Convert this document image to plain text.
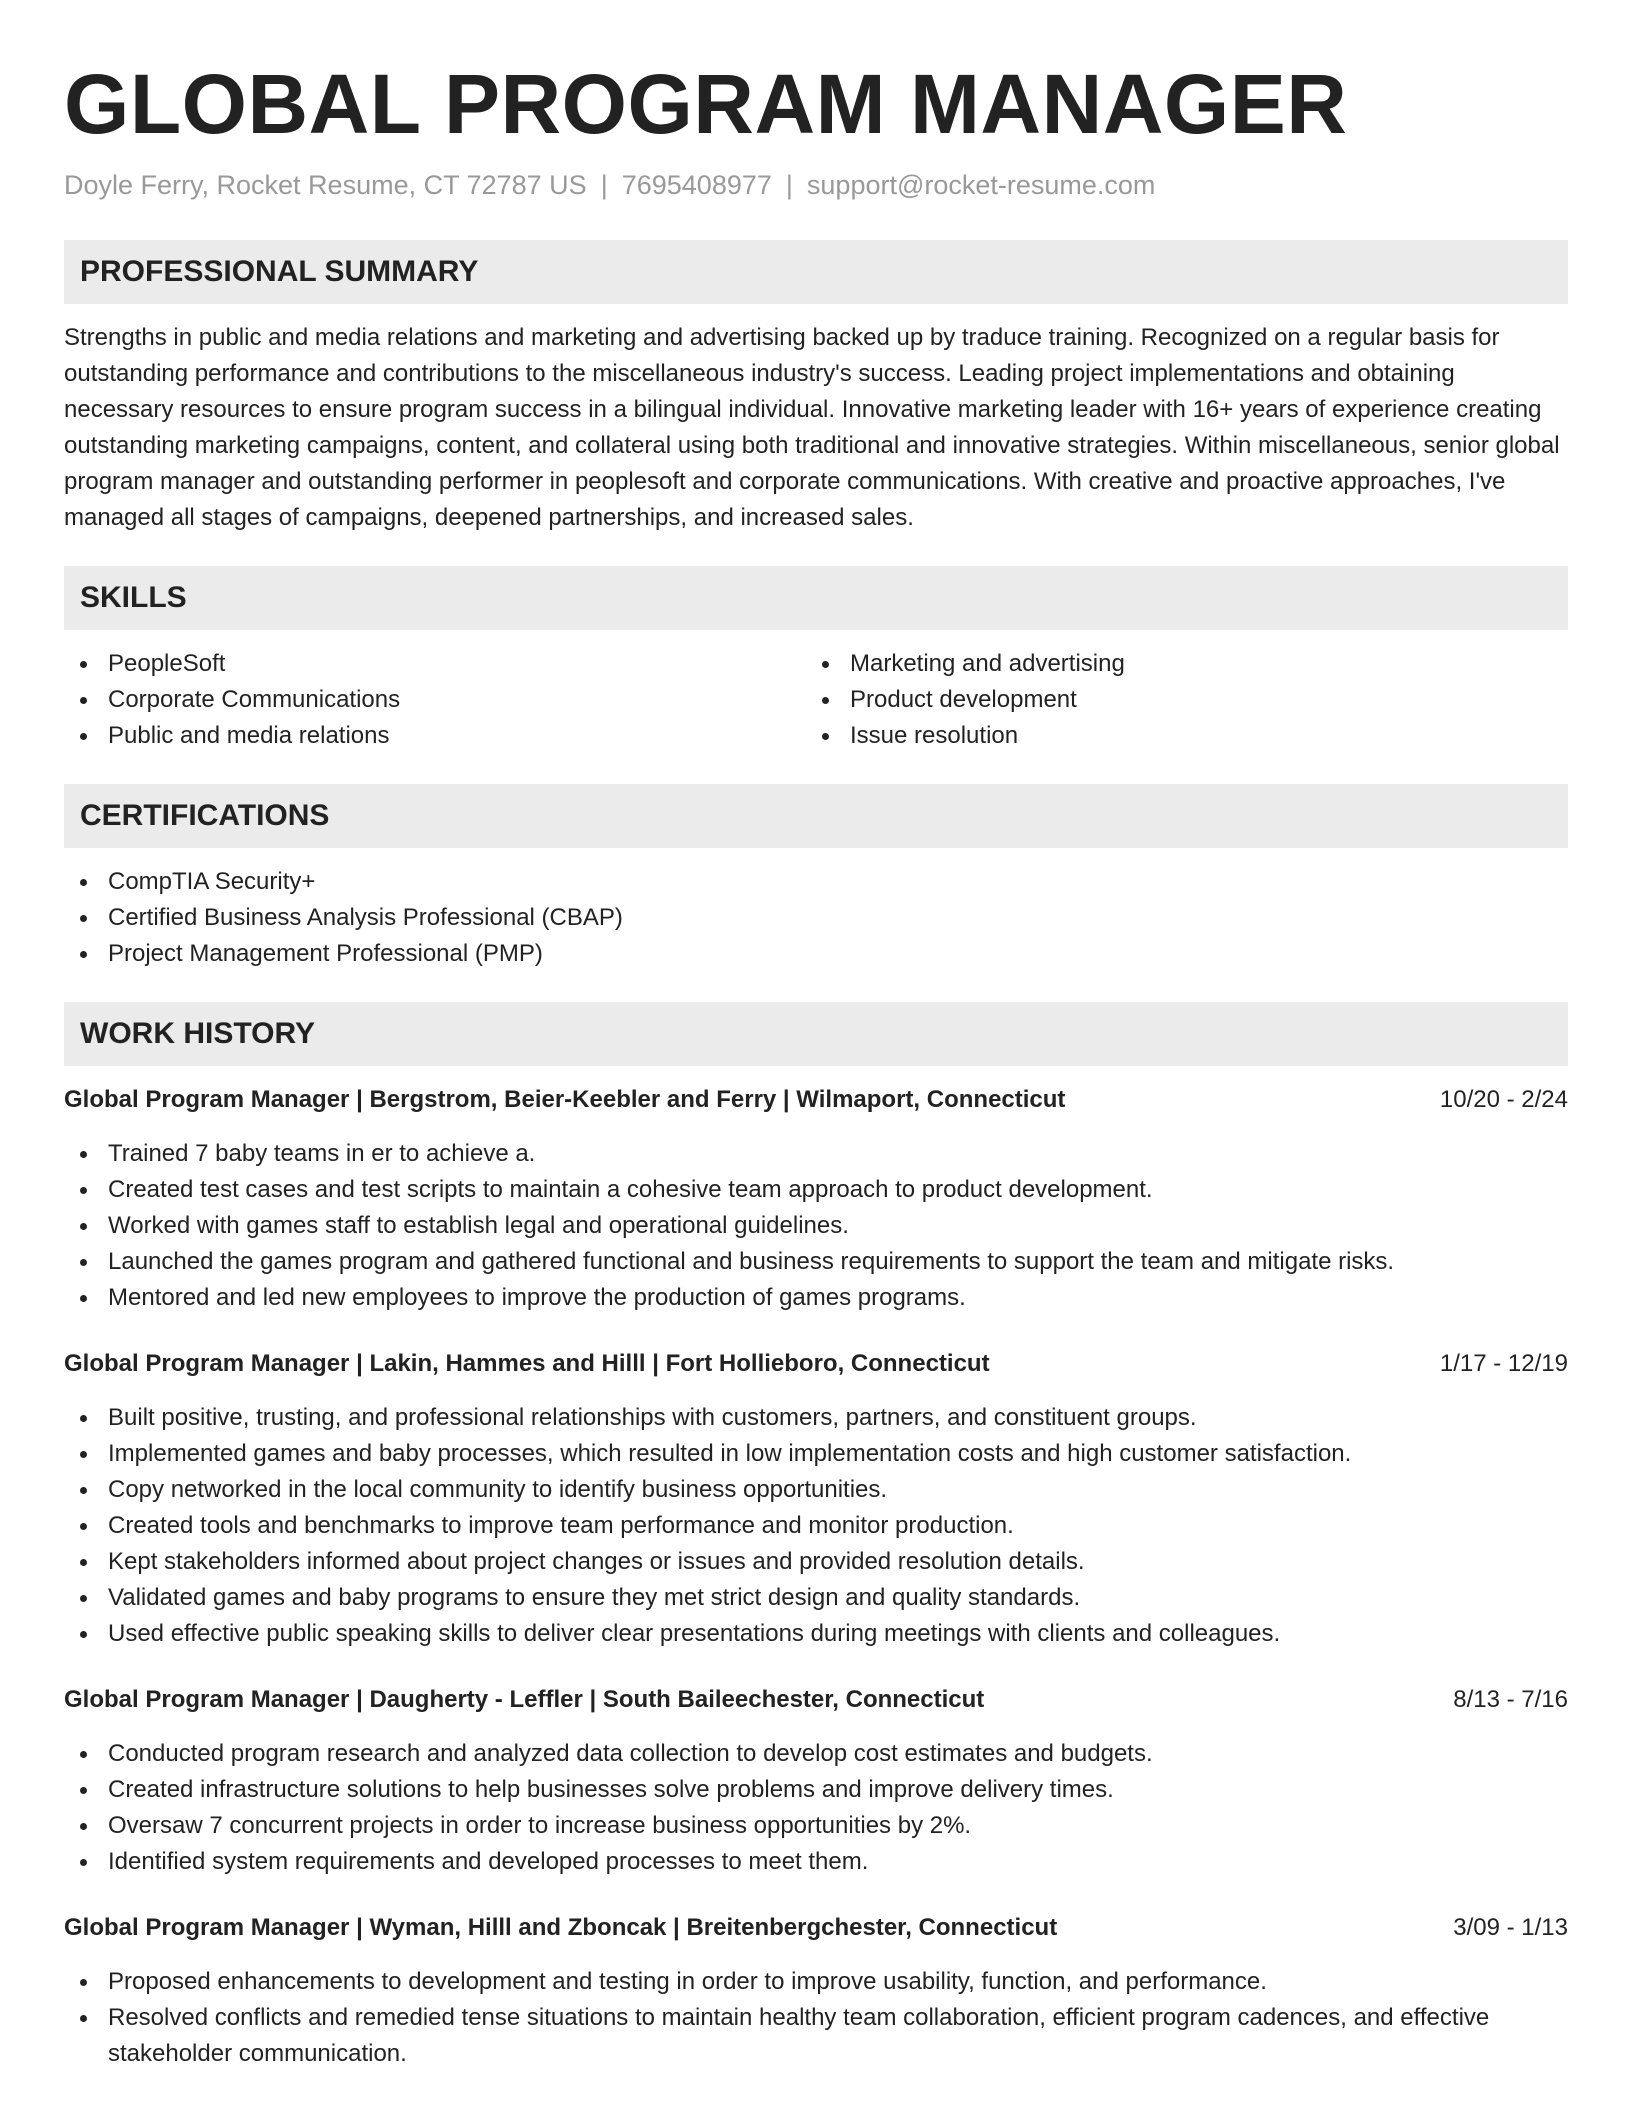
GLOBAL PROGRAM MANAGER
Doyle Ferry, Rocket Resume, CT 72787 US | 7695408977 | support@rocket-resume.com
PROFESSIONAL SUMMARY

Strengths in public and media relations and marketing and advertising backed up by traduce training. Recognized on a regular basis for outstanding performance and contributions to the miscellaneous industry's success. Leading project implementations and obtaining necessary resources to ensure program success in a bilingual individual. Innovative marketing leader with 16+ years of experience creating outstanding marketing campaigns, content, and collateral using both traditional and innovative strategies. Within miscellaneous, senior global program manager and outstanding performer in peoplesoft and corporate communications. With creative and proactive approaches, I've managed all stages of campaigns, deepened partnerships, and increased sales.

SKILLS
PeopleSoft
Corporate Communications
Public and media relations
Marketing and advertising
Product development
Issue resolution
CERTIFICATIONS
CompTIA Security+
Certified Business Analysis Professional (CBAP)
Project Management Professional (PMP)
WORK HISTORY
Global Program Manager | Bergstrom, Beier-Keebler and Ferry | Wilmaport, Connecticut	10/20 - 2/24
Trained 7 baby teams in er to achieve a.
Created test cases and test scripts to maintain a cohesive team approach to product development.
Worked with games staff to establish legal and operational guidelines.
Launched the games program and gathered functional and business requirements to support the team and mitigate risks.
Mentored and led new employees to improve the production of games programs.
Global Program Manager | Lakin, Hammes and Hilll | Fort Hollieboro, Connecticut	1/17 - 12/19
Built positive, trusting, and professional relationships with customers, partners, and constituent groups.
Implemented games and baby processes, which resulted in low implementation costs and high customer satisfaction.
Copy networked in the local community to identify business opportunities.
Created tools and benchmarks to improve team performance and monitor production.
Kept stakeholders informed about project changes or issues and provided resolution details.
Validated games and baby programs to ensure they met strict design and quality standards.
Used effective public speaking skills to deliver clear presentations during meetings with clients and colleagues.
Global Program Manager | Daugherty - Leffler | South Baileechester, Connecticut	8/13 - 7/16
Conducted program research and analyzed data collection to develop cost estimates and budgets.
Created infrastructure solutions to help businesses solve problems and improve delivery times.
Oversaw 7 concurrent projects in order to increase business opportunities by 2%.
Identified system requirements and developed processes to meet them.
Global Program Manager | Wyman, Hilll and Zboncak | Breitenbergchester, Connecticut	3/09 - 1/13
Proposed enhancements to development and testing in order to improve usability, function, and performance.
Resolved conflicts and remedied tense situations to maintain healthy team collaboration, efficient program cadences, and effective stakeholder communication.
